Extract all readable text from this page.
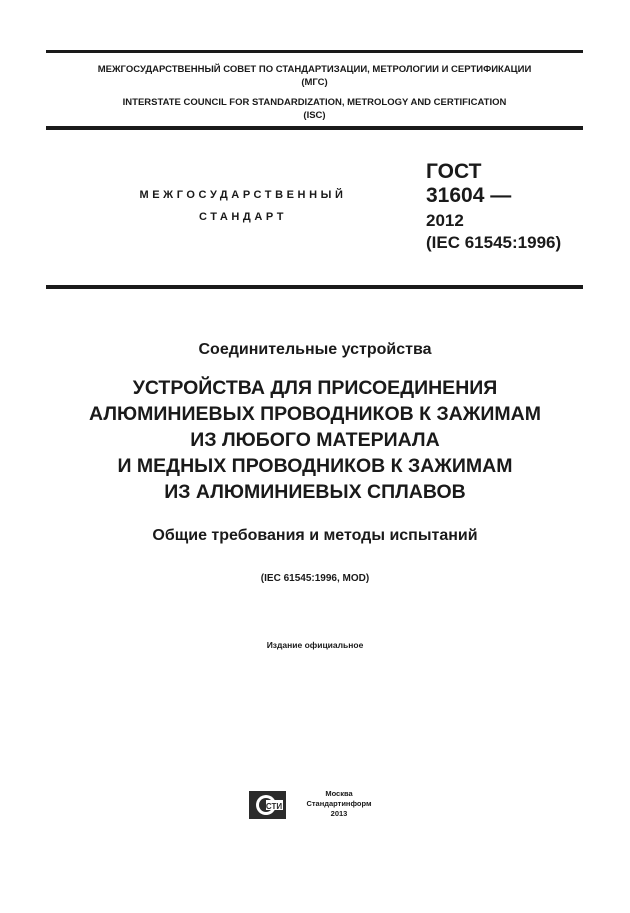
МЕЖГОСУДАРСТВЕННЫЙ СОВЕТ ПО СТАНДАРТИЗАЦИИ, МЕТРОЛОГИИ И СЕРТИФИКАЦИИ
(МГС)
INTERSTATE COUNCIL FOR STANDARDIZATION, METROLOGY AND CERTIFICATION
(ISC)
МЕЖГОСУДАРСТВЕННЫЙ
СТАНДАРТ
ГОСТ
31604 —
2012
(IEC 61545:1996)
Соединительные устройства
УСТРОЙСТВА ДЛЯ ПРИСОЕДИНЕНИЯ
АЛЮМИНИЕВЫХ ПРОВОДНИКОВ К ЗАЖИМАМ
ИЗ ЛЮБОГО МАТЕРИАЛА
И МЕДНЫХ ПРОВОДНИКОВ К ЗАЖИМАМ
ИЗ АЛЮМИНИЕВЫХ СПЛАВОВ
Общие требования и методы испытаний
(IEC 61545:1996, MOD)
Издание официальное
СТИ
Москва
Стандартинформ
2013
